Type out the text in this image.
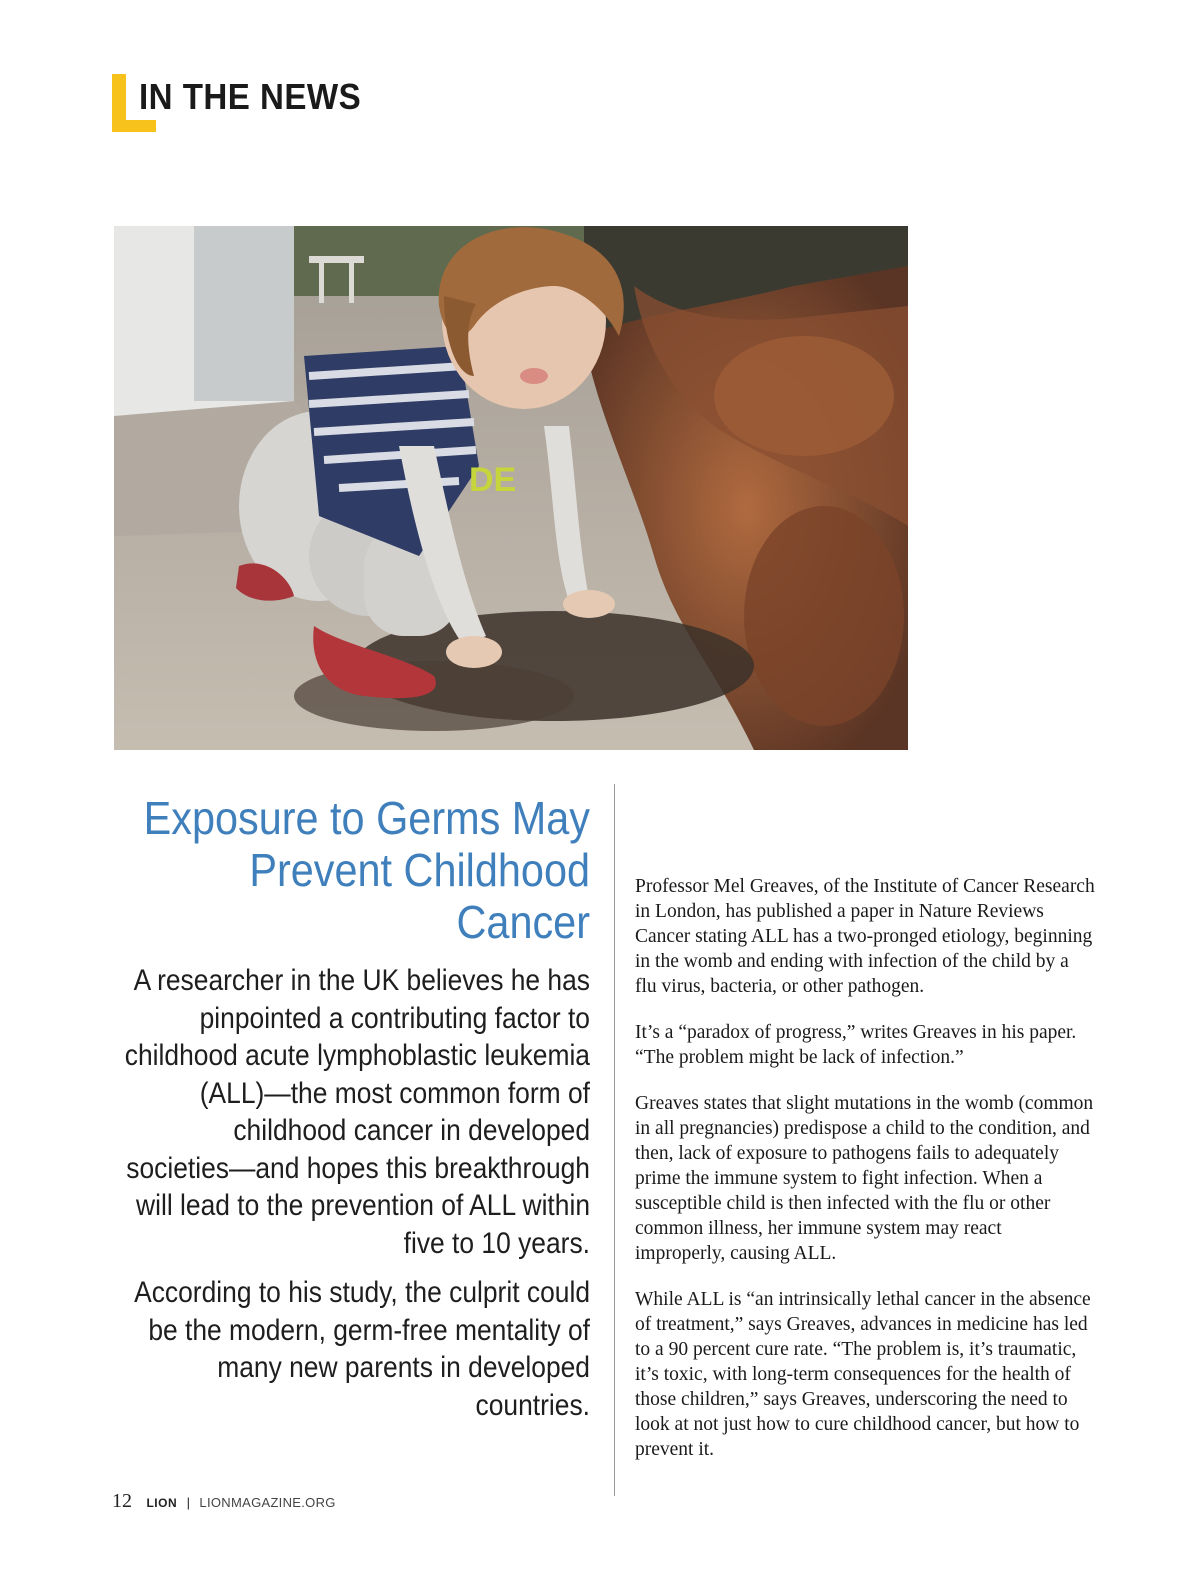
IN THE NEWS
DE
Exposure to Germs May Prevent Childhood Cancer

A researcher in the UK believes he has pinpointed a contributing factor to childhood acute lymphoblastic leukemia (ALL)—the most common form of childhood cancer in developed societies—and hopes this breakthrough will lead to the prevention of ALL within five to 10 years.

According to his study, the culprit could be the modern, germ-free mentality of many new parents in developed countries.

Professor Mel Greaves, of the Institute of Cancer Research in London, has published a paper in Nature Reviews Cancer stating ALL has a two-pronged etiology, beginning in the womb and ending with infection of the child by a flu virus, bacteria, or other pathogen.

It’s a “paradox of progress,” writes Greaves in his paper. “The problem might be lack of infection.”

Greaves states that slight mutations in the womb (common in all pregnancies) predispose a child to the condition, and then, lack of exposure to pathogens fails to adequately prime the immune system to fight infection. When a susceptible child is then infected with the flu or other common illness, her immune system may react improperly, causing ALL.

While ALL is “an intrinsically lethal cancer in the absence of treatment,” says Greaves, advances in medicine has led to a 90 percent cure rate. “The problem is, it’s traumatic, it’s toxic, with long-term consequences for the health of those children,” says Greaves, underscoring the need to look at not just how to cure childhood cancer, but how to prevent it.

12 LION | LIONMAGAZINE.ORG
